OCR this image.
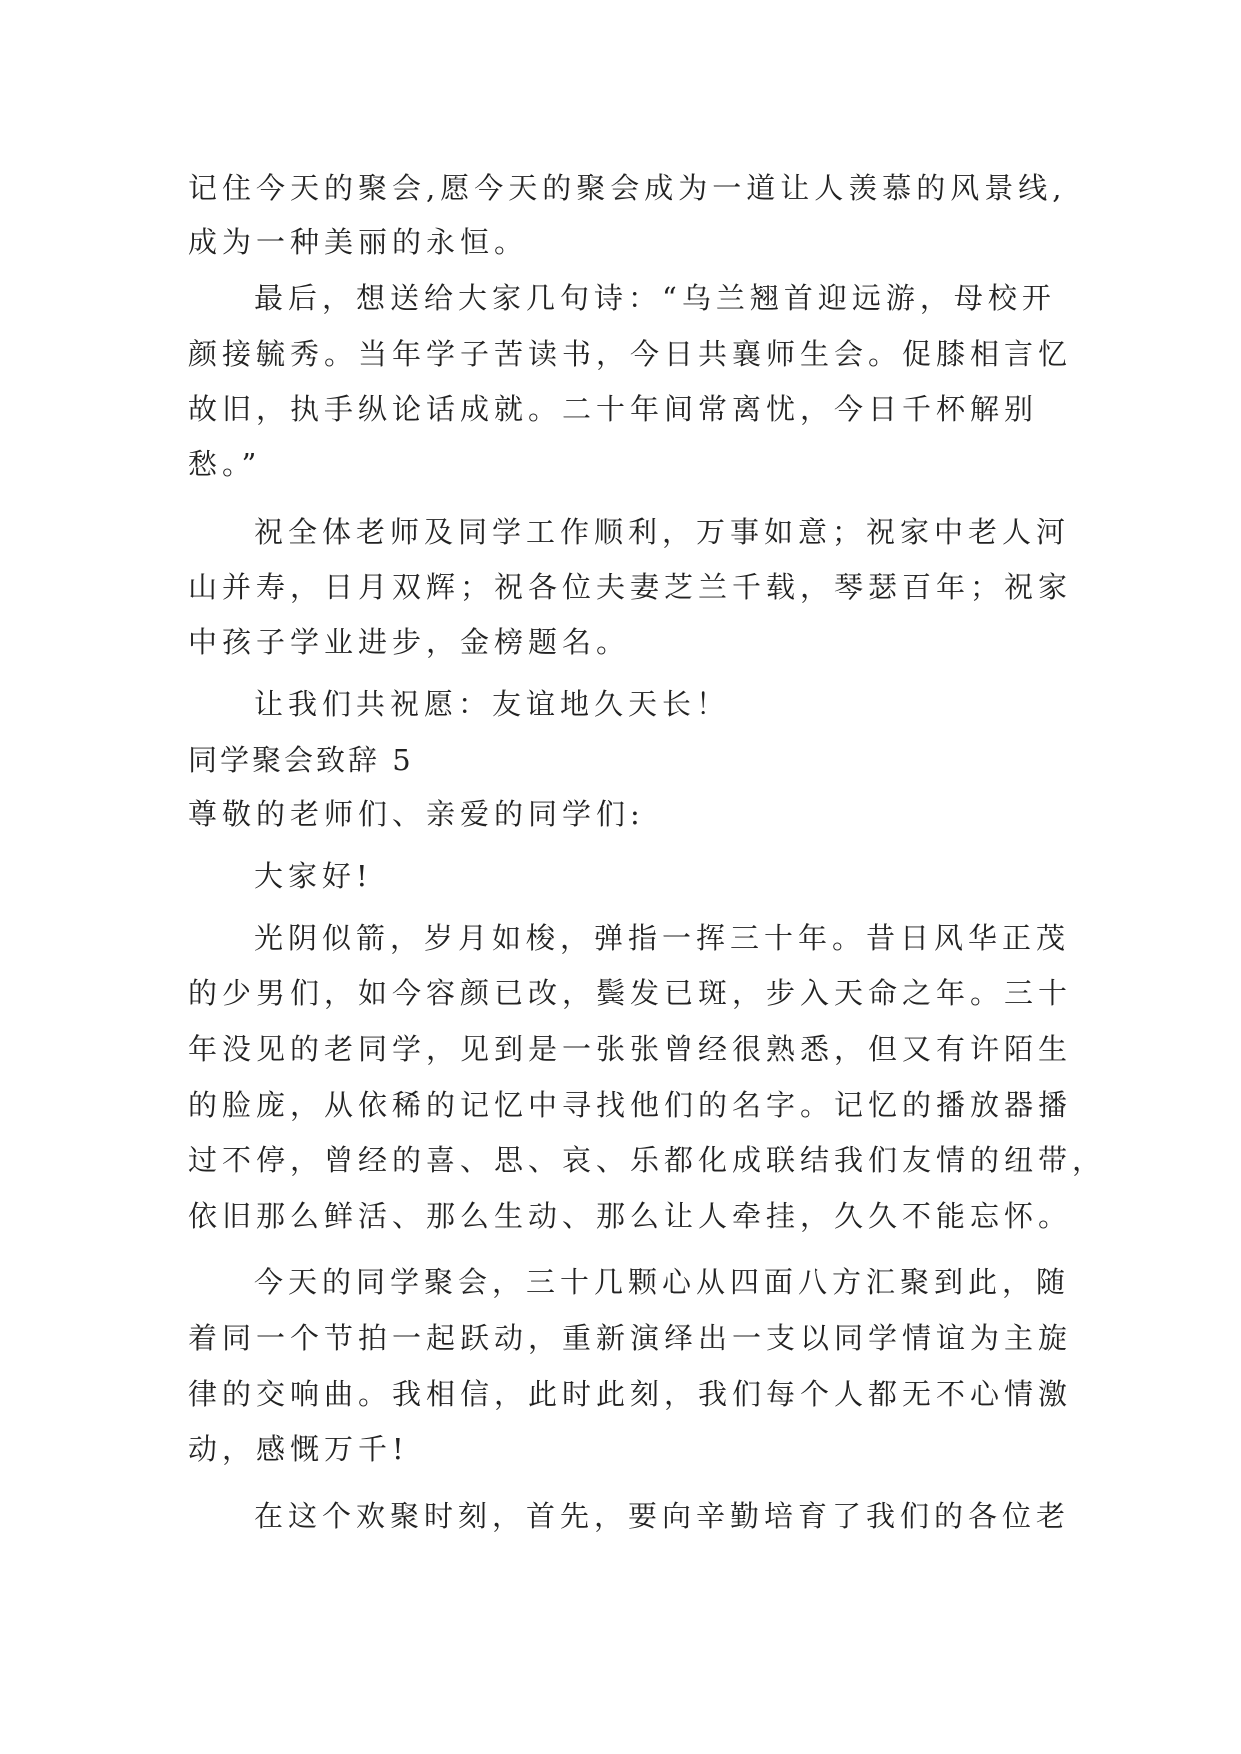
记住今天的聚会,愿今天的聚会成为一道让人羡慕的风景线,
成为一种美丽的永恒。
最后，想送给大家几句诗：“乌兰翘首迎远游，母校开
颜接毓秀。当年学子苦读书，今日共襄师生会。促膝相言忆
故旧，执手纵论话成就。二十年间常离忧，今日千杯解别
愁。”
祝全体老师及同学工作顺利，万事如意；祝家中老人河
山并寿，日月双辉；祝各位夫妻芝兰千载，琴瑟百年；祝家
中孩子学业进步，金榜题名。
让我们共祝愿：友谊地久天长！
同学聚会致辞 5
尊敬的老师们、亲爱的同学们:
大家好!
光阴似箭，岁月如梭，弹指一挥三十年。昔日风华正茂
的少男们，如今容颜已改，鬓发已斑，步入天命之年。三十
年没见的老同学，见到是一张张曾经很熟悉，但又有许陌生
的脸庞，从依稀的记忆中寻找他们的名字。记忆的播放器播
过不停，曾经的喜、思、哀、乐都化成联结我们友情的纽带，
依旧那么鲜活、那么生动、那么让人牵挂，久久不能忘怀。
今天的同学聚会，三十几颗心从四面八方汇聚到此，随
着同一个节拍一起跃动，重新演绎出一支以同学情谊为主旋
律的交响曲。我相信，此时此刻，我们每个人都无不心情激
动，感慨万千!
在这个欢聚时刻，首先，要向辛勤培育了我们的各位老
